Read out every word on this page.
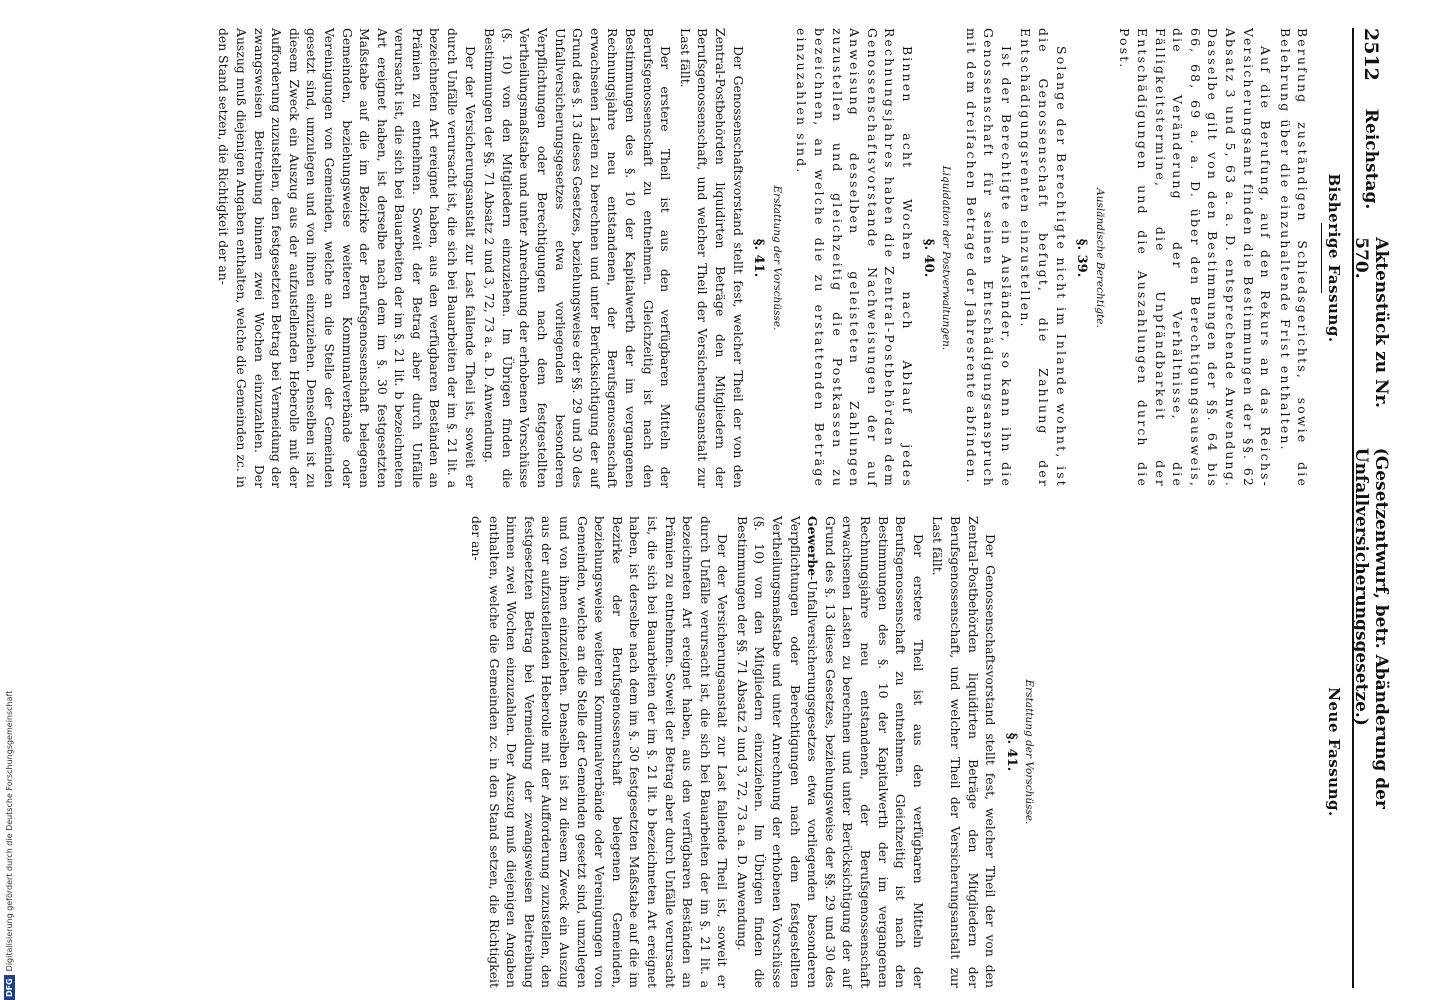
2512
Reichstag.
Aktenstück zu Nr. 570.
(Gesetzentwurf, betr. Abänderung der Unfallversicherungsgesetze.)
Bisherige Fassung.

Berufung zuständigen Schiedsgerichts, sowie die Belehrung über die einzuhaltende Frist enthalten.

Auf die Berufung, auf den Rekurs an das Reichs-Versicherungsamt finden die Bestimmungen der §§. 62 Absatz 3 und 5, 63 a. a. D. entsprechende Anwendung. Dasselbe gilt von den Bestimmungen der §§. 64 bis 66, 68, 69 a. a. D. über den Berechtigungsausweis, die Veränderung der Verhältnisse, die Fälligkeitstermine, die Unpfändbarkeit der Entschädigungen und die Auszahlungen durch die Post.

Ausländische Berechtigte.
§. 39.

Solange der Berechtigte nicht im Inlande wohnt, ist die Genossenschaft befugt, die Zahlung der Entschädigungsrenten einzustellen.

Ist der Berechtigte ein Ausländer, so kann ihn die Genossenschaft für seinen Entschädigungsanspruch mit dem dreifachen Betrage der Jahresrente abfinden.

Liquidation der Postverwaltungen.
§. 40.

Binnen acht Wochen nach Ablauf jedes Rechnungsjahres haben die Zentral-Postbehörden dem Genossenschaftsvorstande Nachweisungen der auf Anweisung desselben geleisteten Zahlungen zuzustellen und gleichzeitig die Postkassen zu bezeichnen, an welche die zu erstattenden Beträge einzuzahlen sind.

Erstattung der Vorschüsse.
§. 41.

Der Genossenschaftsvorstand stellt fest, welcher Theil der von den Zentral-Postbehörden liquidirten Beträge den Mitgliedern der Berufsgenossenschaft, und welcher Theil der Versicherungsanstalt zur Last fällt.

Der erstere Theil ist aus den verfügbaren Mitteln der Berufsgenossenschaft zu entnehmen. Gleichzeitig ist nach den Bestimmungen des §. 10 der Kapitalwerth der im vergangenen Rechnungsjahre neu entstandenen, der Berufsgenossenschaft erwachsenen Lasten zu berechnen und unter Berücksichtigung der auf Grund des §. 13 dieses Gesetzes, beziehungsweise der §§. 29 und 30 des Unfallversicherungsgesetzes etwa vorliegenden besonderen Verpflichtungen oder Berechtigungen nach dem festgestellten Vertheilungsmaßstabe und unter Anrechnung der erhobenen Vorschüsse (§. 10) von den Mitgliedern einzuziehen. Im Übrigen finden die Bestimmungen der §§. 71 Absatz 2 und 3, 72, 73 a. a. D. Anwendung.

Der der Versicherungsanstalt zur Last fallende Theil ist, soweit er durch Unfälle verursacht ist, die sich bei Bauarbeiten der im §. 21 lit. a bezeichneten Art ereignet haben, aus den verfügbaren Beständen an Prämien zu entnehmen. Soweit der Betrag aber durch Unfälle verursacht ist, die sich bei Bauarbeiten der im §. 21 lit. b bezeichneten Art ereignet haben, ist derselbe nach dem im §. 30 festgesetzten Maßstabe auf die im Bezirke der Berufsgenossenschaft belegenen Gemeinden, beziehungsweise weiteren Kommunalverbände oder Vereinigungen von Gemeinden, welche an die Stelle der Gemeinden gesetzt sind, umzulegen und von ihnen einzuziehen. Denselben ist zu diesem Zweck ein Auszug aus der aufzustellenden Heberolle mit der Aufforderung zuzustellen, den festgesetzten Betrag bei Vermeidung der zwangsweisen Beitreibung binnen zwei Wochen einzuzahlen. Der Auszug muß diejenigen Angaben enthalten, welche die Gemeinden zc. in den Stand setzen, die Richtigkeit der an-

Neue Fassung.
Erstattung der Vorschüsse.
§. 41.

Der Genossenschaftsvorstand stellt fest, welcher Theil der von den Zentral-Postbehörden liquidirten Beträge den Mitgliedern der Berufsgenossenschaft, und welcher Theil der Versicherungsanstalt zur Last fällt.

Der erstere Theil ist aus den verfügbaren Mitteln der Berufsgenossenschaft zu entnehmen. Gleichzeitig ist nach den Bestimmungen des §. 10 der Kapitalwerth der im vergangenen Rechnungsjahre neu entstandenen, der Berufsgenossenschaft erwachsenen Lasten zu berechnen und unter Berücksichtigung der auf Grund des §. 13 dieses Gesetzes, beziehungsweise der §§. 29 und 30 des Gewerbe-Unfallversicherungsgesetzes etwa vorliegenden besonderen Verpflichtungen oder Berechtigungen nach dem festgestellten Vertheilungsmaßstabe und unter Anrechnung der erhobenen Vorschüsse (§. 10) von den Mitgliedern einzuziehen. Im Übrigen finden die Bestimmungen der §§. 71 Absatz 2 und 3, 72, 73 a. a. D. Anwendung.

Der der Versicherungsanstalt zur Last fallende Theil ist, soweit er durch Unfälle verursacht ist, die sich bei Bauarbeiten der im §. 21 lit. a bezeichneten Art ereignet haben, aus den verfügbaren Beständen an Prämien zu entnehmen. Soweit der Betrag aber durch Unfälle verursacht ist, die sich bei Bauarbeiten der im §. 21 lit. b bezeichneten Art ereignet haben, ist derselbe nach dem im §. 30 festgesetzten Maßstabe auf die im Bezirke der Berufsgenossenschaft belegenen Gemeinden, beziehungsweise weiteren Kommunalverbände oder Vereinigungen von Gemeinden, welche an die Stelle der Gemeinden gesetzt sind, umzulegen und von ihnen einzuziehen. Denselben ist zu diesem Zweck ein Auszug aus der aufzustellenden Heberolle mit der Aufforderung zuzustellen, den festgesetzten Betrag bei Vermeidung der zwangsweisen Beitreibung binnen zwei Wochen einzuzahlen. Der Auszug muß diejenigen Angaben enthalten, welche die Gemeinden zc. in den Stand setzen, die Richtigkeit der an-

DFG
Digitalisierung gefördert durch die Deutsche Forschungsgemeinschaft
